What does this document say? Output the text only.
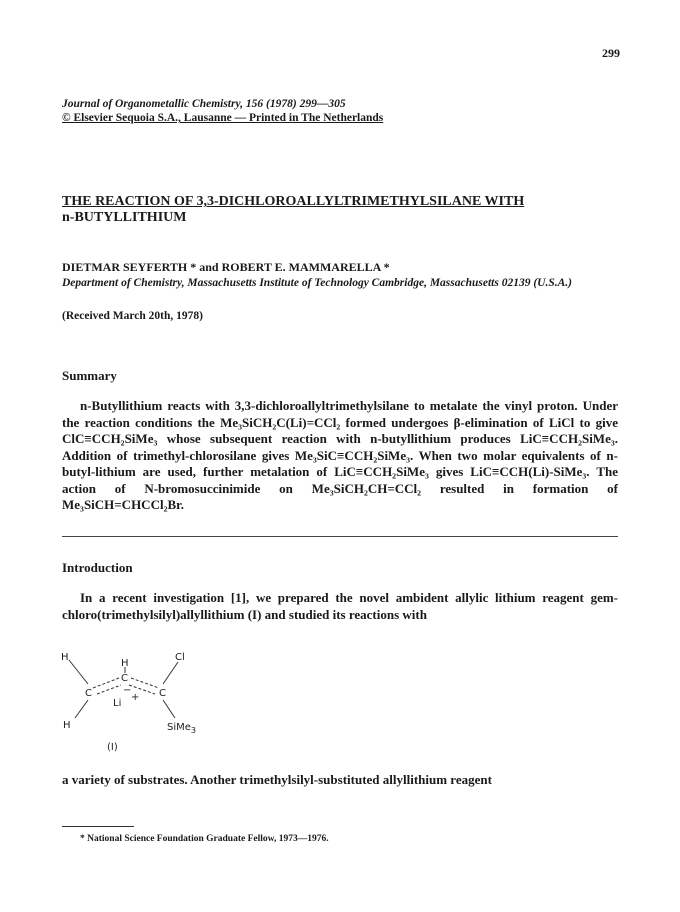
299
Journal of Organometallic Chemistry, 156 (1978) 299—305
© Elsevier Sequoia S.A., Lausanne — Printed in The Netherlands
THE REACTION OF 3,3-DICHLOROALLYLTRIMETHYLSILANE WITH
n-BUTYLLITHIUM
DIETMAR SEYFERTH * and ROBERT E. MAMMARELLA *
Department of Chemistry, Massachusetts Institute of Technology Cambridge, Massachusetts 02139 (U.S.A.)
(Received March 20th, 1978)
Summary

n-Butyllithium reacts with 3,3-dichloroallyltrimethylsilane to metalate the vinyl proton. Under the reaction conditions the Me₃SiCH₂C(Li)=CCl₂ formed undergoes β-elimination of LiCl to give ClC≡CCH₂SiMe₃ whose subsequent reaction with n-butyllithium produces LiC≡CCH₂SiMe₃. Addition of trimethyl-chlorosilane gives Me₃SiC≡CCH₂SiMe₃. When two molar equivalents of n-butyl-lithium are used, further metalation of LiC≡CCH₂SiMe₃ gives LiC≡CCH(Li)-SiMe₃. The action of N-bromosuccinimide on Me₃SiCH₂CH=CCl₂ resulted in formation of Me₃SiCH=CHCCl₂Br.

Introduction

In a recent investigation [1], we prepared the novel ambident allylic lithium reagent gem-chloro(trimethylsilyl)allyllithium (I) and studied its reactions with

H
H
C
Cl
C	−	C
Li
+
H	SiMe$_3$
(I)
a variety of substrates. Another trimethylsilyl-substituted allyllithium reagent
* National Science Foundation Graduate Fellow, 1973—1976.
